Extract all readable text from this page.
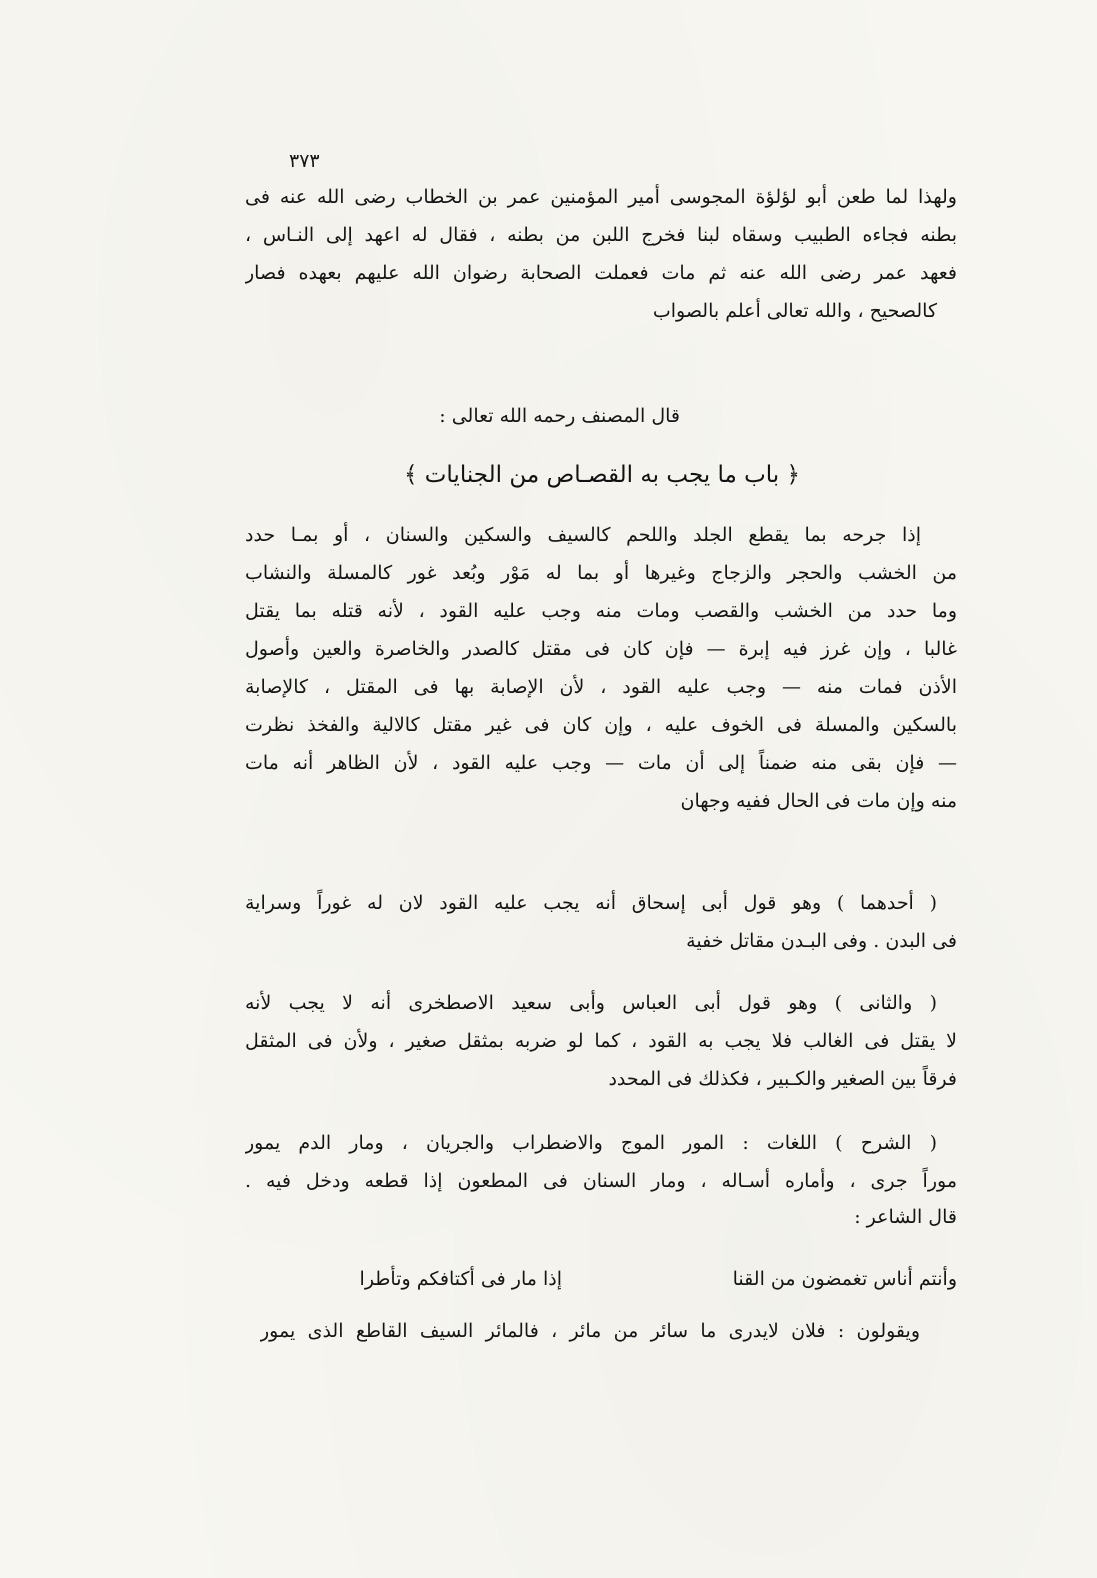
٣٧٣
ولهذا لما طعن أبو لؤلؤة المجوسى أمير المؤمنين عمر بن الخطاب رضى الله عنه فى
بطنه فجاءه الطبيب وسقاه لبنا فخرج اللبن من بطنه ، فقال له اعهد إلى النـاس ،
فعهد عمر رضى الله عنه ثم مات فعملت الصحابة رضوان الله عليهم بعهده فصار
كالصحيح ، والله تعالى أعلم بالصواب
قال المصنف رحمه الله تعالى :
﴿ باب ما يجب به القصـاص من الجنايات ﴾
إذا جرحه بما يقطع الجلد واللحم كالسيف والسكين والسنان ، أو بمـا حدد
من الخشب والحجر والزجاج وغيرها أو بما له مَوْر وبُعد غور كالمسلة والنشاب
وما حدد من الخشب والقصب ومات منه وجب عليه القود ، لأنه قتله بما يقتل
غالبا ، وإن غرز فيه إبرة — فإن كان فى مقتل كالصدر والخاصرة والعين وأصول
الأذن فمات منه — وجب عليه القود ، لأن الإصابة بها فى المقتل ، كالإصابة
بالسكين والمسلة فى الخوف عليه ، وإن كان فى غير مقتل كالالية والفخذ نظرت
— فإن بقى منه ضمناً إلى أن مات — وجب عليه القود ، لأن الظاهر أنه مات
منه وإن مات فى الحال ففيه وجهان
( أحدهما ) وهو قول أبى إسحاق أنه يجب عليه القود لان له غوراً وسراية
فى البدن . وفى البـدن مقاتل خفية
( والثانى ) وهو قول أبى العباس وأبى سعيد الاصطخرى أنه لا يجب لأنه
لا يقتل فى الغالب فلا يجب به القود ، كما لو ضربه بمثقل صغير ، ولأن فى المثقل
فرقاً بين الصغير والكـبير ، فكذلك فى المحدد
( الشرح ) اللغات : المور الموج والاضطراب والجريان ، ومار الدم يمور
موراً جرى ، وأماره أسـاله ، ومار السنان فى المطعون إذا قطعه ودخل فيه .
قال الشاعر :
وأنتم أناس تغمضون من القنا
إذا مار فى أكتافكم وتأطرا
ويقولون : فلان لايدرى ما سائر من مائر ، فالمائر السيف القاطع الذى يمور
